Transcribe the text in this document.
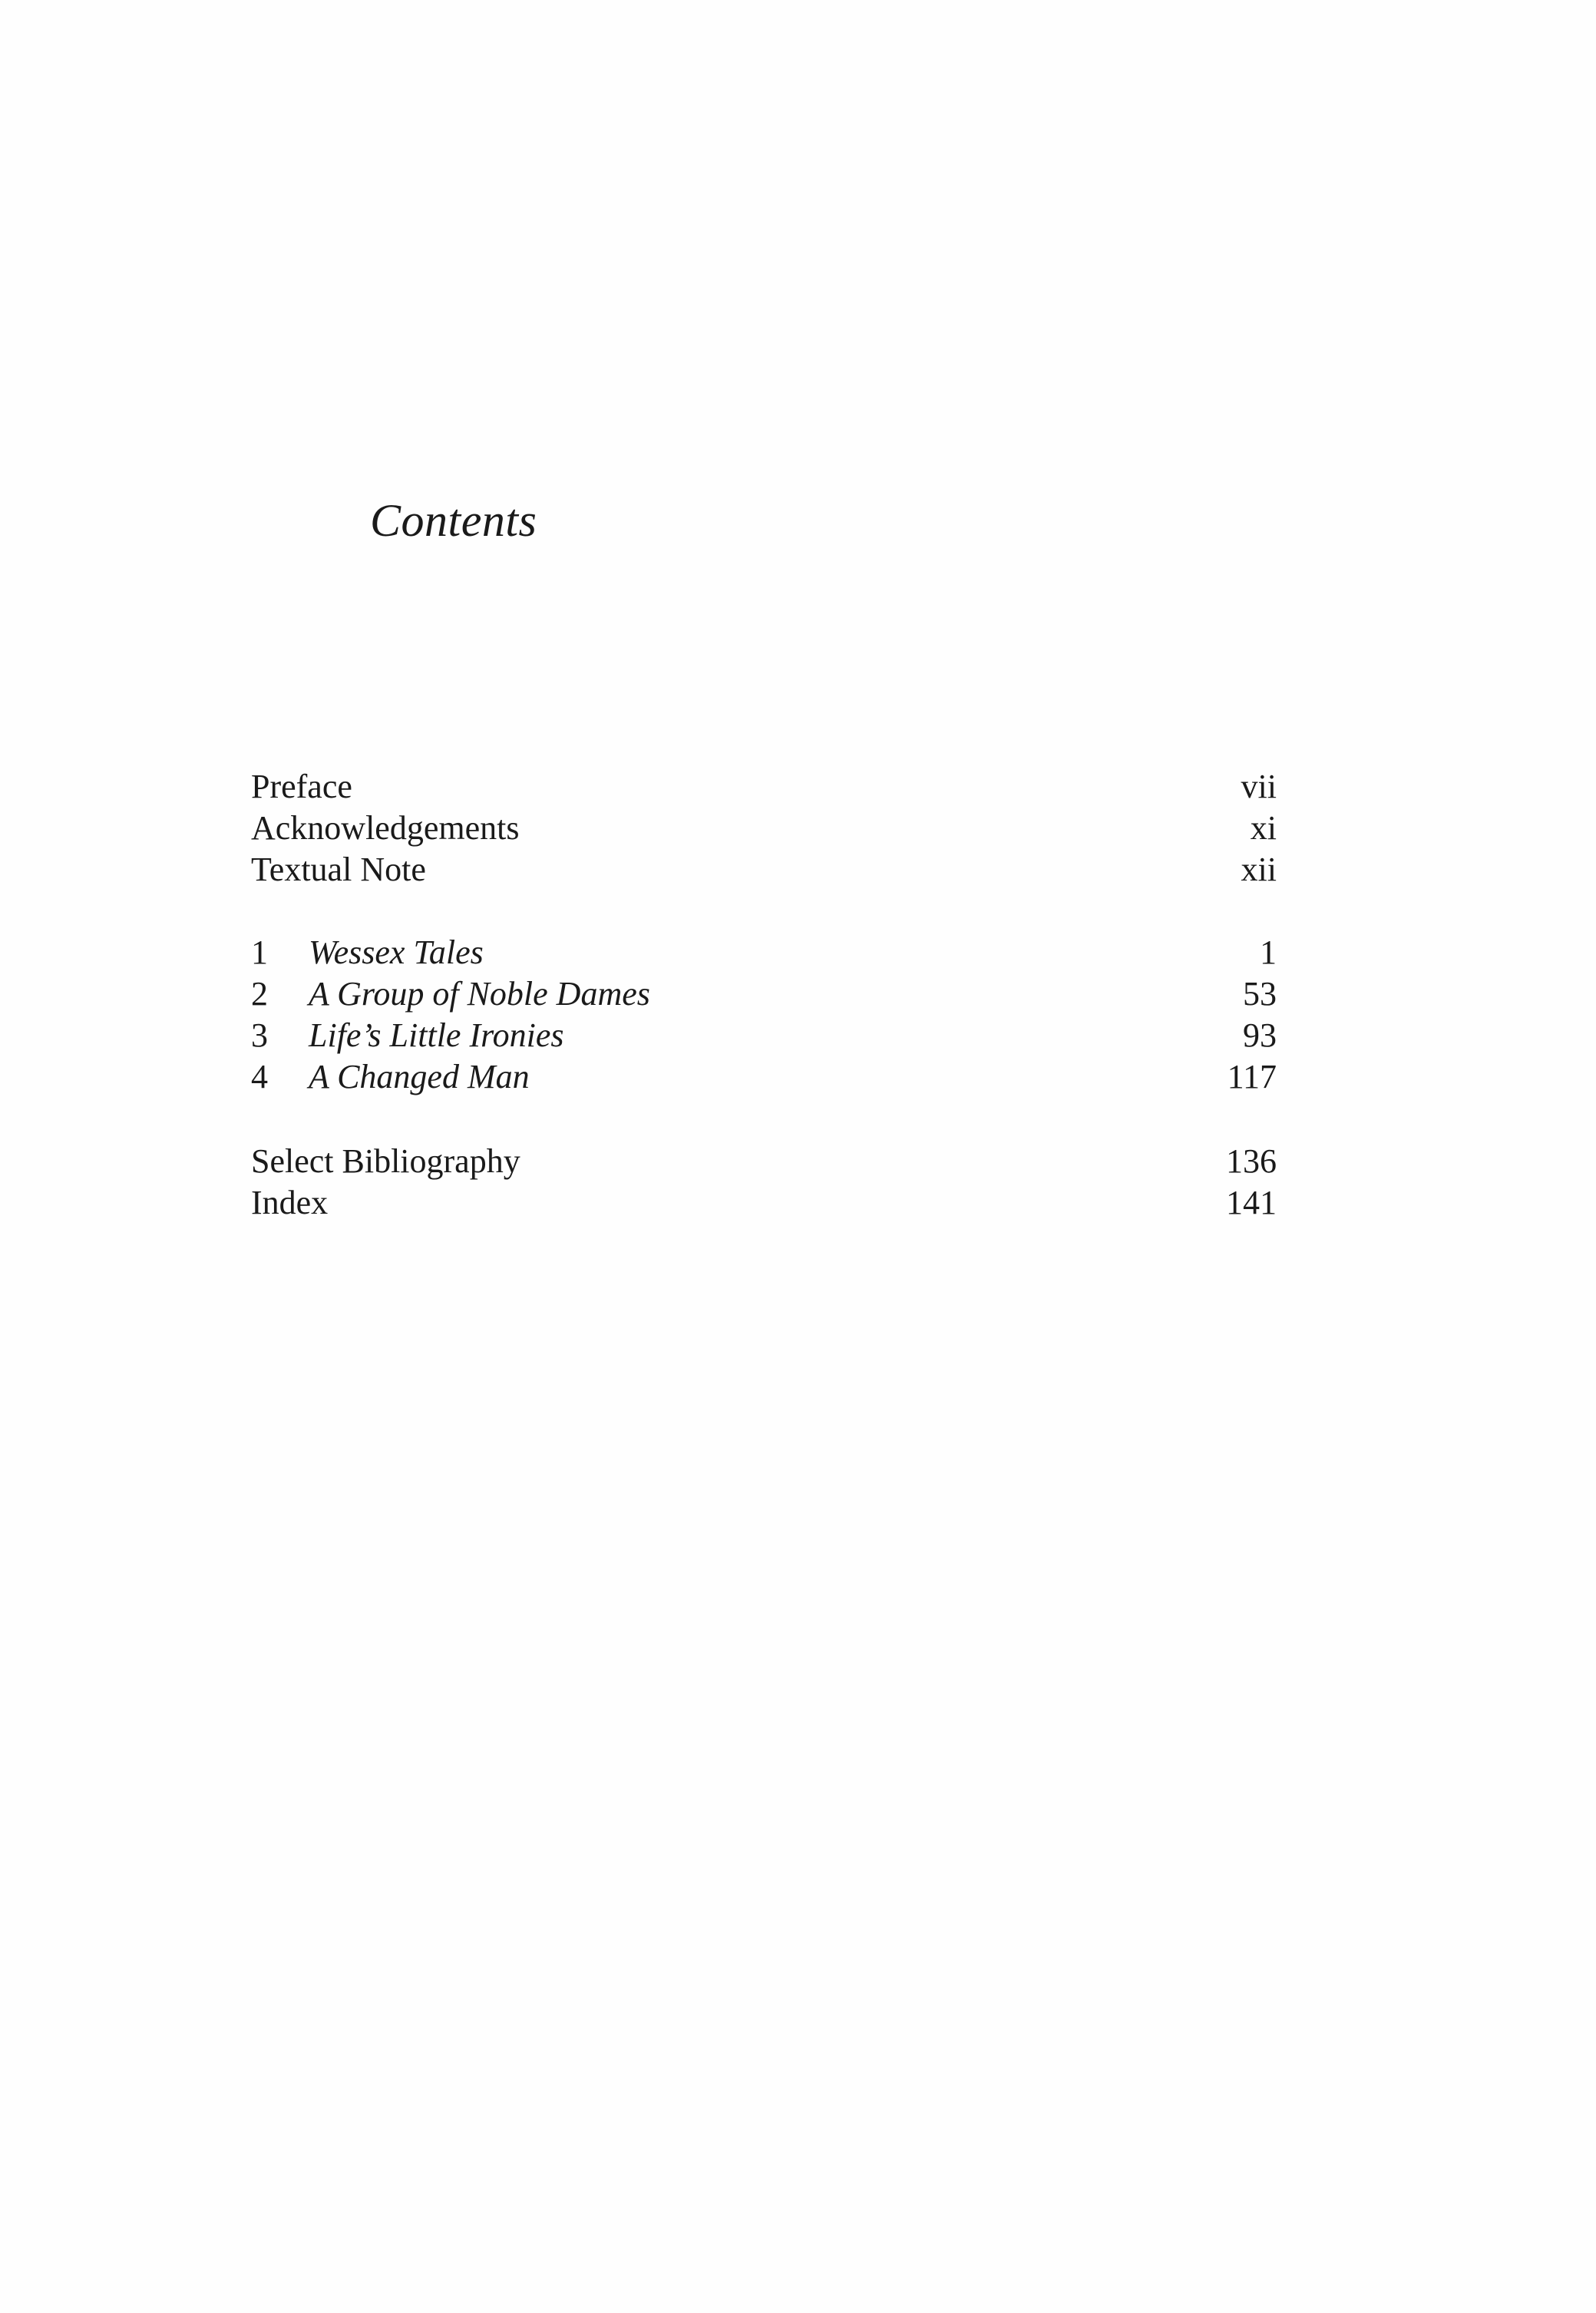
Contents
Preface	vii
Acknowledgements	xi
Textual Note	xii
1	Wessex Tales	1
2	A Group of Noble Dames	53
3	Life’s Little Ironies	93
4	A Changed Man	117
Select Bibliography	136
Index	141
